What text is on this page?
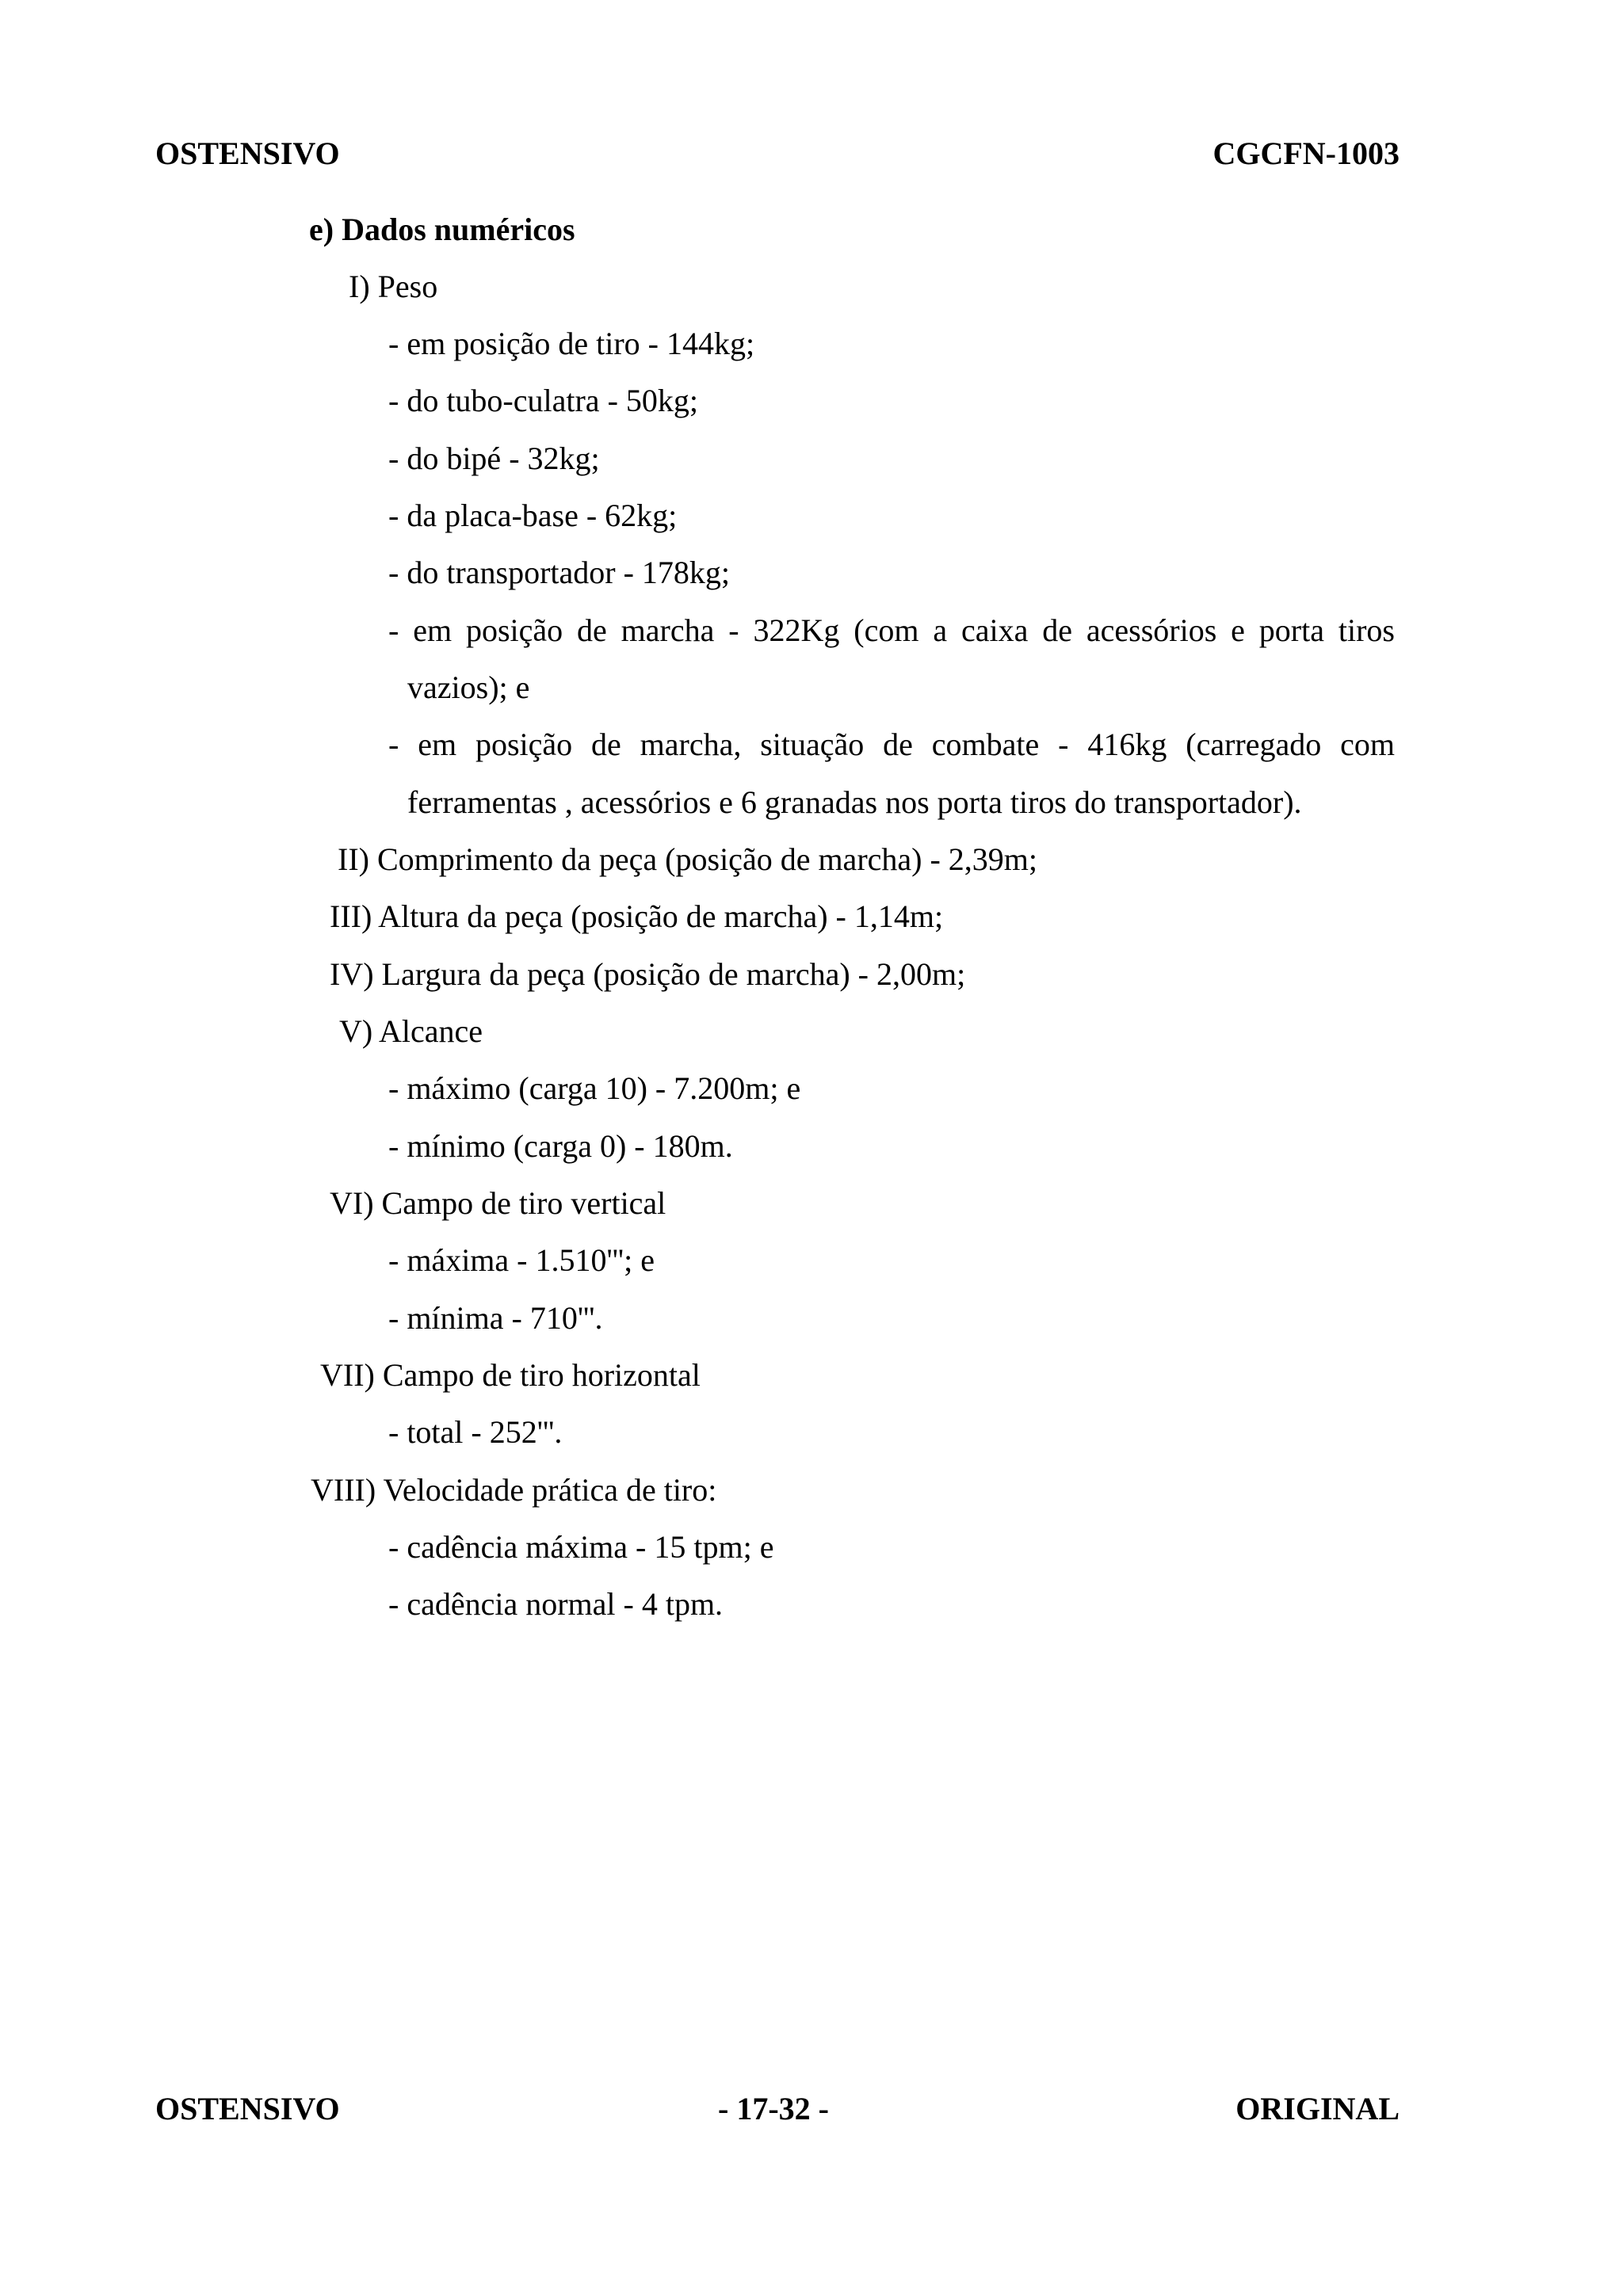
OSTENSIVO	CGCFN-1003
e) Dados numéricos
I) Peso
- em posição de tiro - 144kg;
- do tubo-culatra - 50kg;
- do bipé - 32kg;
- da placa-base - 62kg;
- do transportador - 178kg;
- em posição de marcha - 322Kg (com a caixa de acessórios e porta tiros
vazios); e
- em posição de marcha, situação de combate - 416kg (carregado com
ferramentas , acessórios e 6 granadas nos porta tiros do transportador).
II) Comprimento da peça (posição de marcha) - 2,39m;
III) Altura da peça (posição de marcha) - 1,14m;
IV) Largura da peça (posição de marcha) - 2,00m;
V) Alcance
- máximo (carga 10) - 7.200m; e
- mínimo (carga 0) - 180m.
VI) Campo de tiro vertical
- máxima - 1.510'''; e
- mínima - 710'''.
VII) Campo de tiro horizontal
- total - 252'''.
VIII) Velocidade prática de tiro:
- cadência máxima - 15 tpm; e
- cadência normal - 4 tpm.
OSTENSIVO	- 17-32 -	ORIGINAL
